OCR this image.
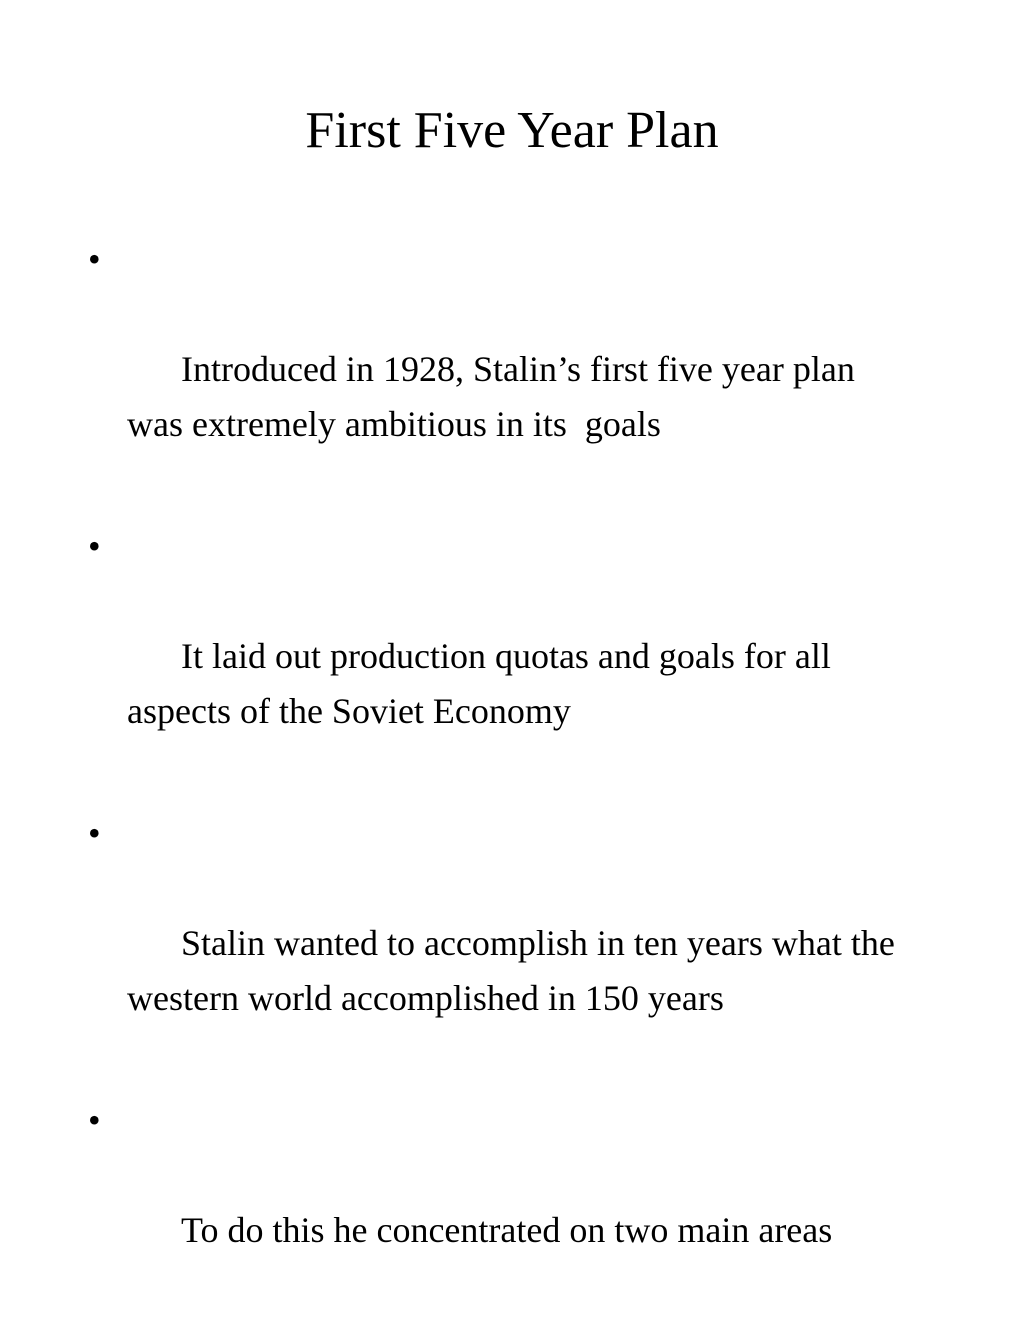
First Five Year Plan

•

Introduced in 1928, Stalin’s first five year plan was extremely ambitious in its  goals

•

It laid out production quotas and goals for all aspects of the Soviet Economy

•

Stalin wanted to accomplish in ten years what the western world accomplished in 150 years

•

To do this he concentrated on two main areas
